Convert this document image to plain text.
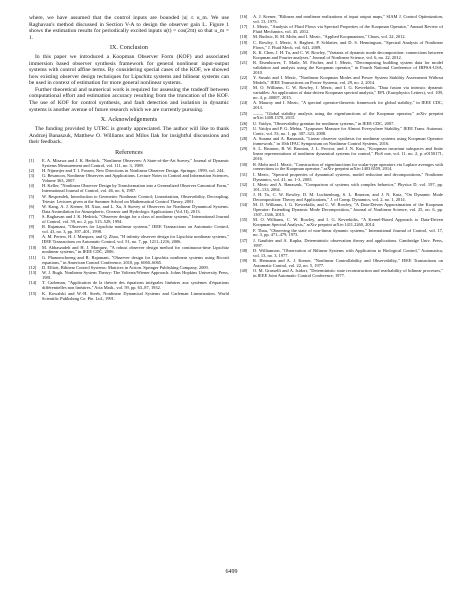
where, we have assumed that the control inputs are bounded |u| ≤ u_m. We use Raghavan's method discussed in Section V-A to design the observer gain L. Figure 1 shows the estimation results for periodically excited inputs u(t) = cos(2πt) so that u_m = 1.

IX. Conclusion

In this paper we introduced a Koopman Observer Form (KOF) and associated immersion based observer synthesis framework for general nonlinear input-output systems with control affine terms. By considering special cases of the KOF, we showed how existing observer design techniques for Lipschitz systems and bilinear systems can be used in context of estimation for more general nonlinear systems.

Further theoretical and numerical work is required for assessing the tradeoff between computational effort and estimation accuracy resulting from the truncation of the KOF. The use of KOF for control synthesis, and fault detection and isolation in dynamic systems is another avenue of future research which we are currently pursuing.

X. Acknowledgements

The funding provided by UTRC is greatly appreciated. The author will like to thank Andrzej Banaszuk, Matthew O. Williams and Milos Ilak for insightful discussions and their feedback.

References
[1]	E. A. Misawa and J. K. Hedrick, "Nonlinear Observers: A State-of-the-Art Survey," Journal of Dynamic Systems Measurement and Control, vol. 111, no. 3, 1989.
[2]	H. Nijmeijer and T. I. Fossen, New Directions in Nonlinear Observer Design. Springer, 1999, vol. 244.
[3]	G. Besancon, Nonlinear Observers and Applications. Lecture Notes in Control and Information Sciences, Volume 363, 2007.
[4]	H. Keller, "Nonlinear Observer Design by Transformation into a Generalized Observer Canonical Form," International Journal of Control, vol. 46, no. 6, 1987.
[5]	W. Respondek, Introduction to Geometric Nonlinear Control; Linearization, Observability, Decoupling. Trieste: Lectures given at the Summer School on Mathematical Control Theory, 2001.
[6]	W. Kang, A. J. Krener, M. Xiao, and L. Xu, A Survey of Observers for Nonlinear Dynamical Systems. Data Assimilation for Atmospheric, Oceanic and Hydrologic Applications (Vol. II), 2013.
[7]	S. Raghavan and J. K. Hedrick, "Observer design for a class of nonlinear systems," International Journal of Control, vol. 59, no. 2, pp. 515–528, 1994.
[8]	R. Rajamani, "Observers for Lipschitz nonlinear systems," IEEE Transactions on Automatic Control, vol. 43, no. 3, pp. 397–401, 1998.
[9]	A. M. Pertew, H. J. Marquez, and Q. Zhao, "H infinity observer design for Lipschitz nonlinear systems," IEEE Transactions on Automatic Control, vol. 51, no. 7, pp. 1211–1216, 2006.
[10]	M. Abbaszadeh and H. J. Marquez, "A robust observer design method for continuous-time Lipschitz nonlinear systems," in IEEE CDC, 2006.
[11]	G. Phanomchoeng and R. Rajamani, "Observer design for Lipschitz nonlinear systems using Riccati equations," in American Control Conference, 2010, pp. 6060–6065.
[12]	D. Elliott, Bilinear Control Systems: Matrices in Action. Springer Publishing Company, 2009.
[13]	W. J. Rugh, Nonlinear System Theory: The Volterra/Wiener Approach. Johns Hopkins University Press, 1981.
[14]	T. Carleman, "Application de la théorie des équations intégrales linéaires aux systèmes d'équations différentielles non linéaires," Acta Math., vol. 59, pp. 63–87, 1932.
[15]	K. Kowalski and W.-H. Steeb, Nonlinear Dynamical Systems and Carleman Linearization. World Scientific Publishing Co. Pte. Ltd., 1991.
[16]	A. J. Krener, "Bilinear and nonlinear realizations of input output maps," SIAM J. Control Optimization, vol. 13, 1975.
[17]	I. Mezic, "Analysis of Fluid Flows via Spectral Properties of the Koopman Operator," Annual Review of Fluid Mechanics, vol. 45, 2012.
[18]	M. Budisic, R. M. Mohr, and I. Mezic, "Applied Koopmanism," Chaos, vol. 22, 2012.
[19]	C. Rowley, I. Mezic, S. Bagheri, P. Schlatter, and D. S. Henningson, "Spectral Analysis of Nonlinear Flows," J. Fluid Mech, vol. 641, 2009.
[20]	K. K. Chen, J. H. Tu, and C. W. Rowley, "Variants of dynamic mode decomposition: connections between Koopman and Fourier analyses," Journal of Nonlinear Science, vol. 6, no. 22, 2012.
[21]	B. Eisenhower, T. Maile, M. Fischer, and I. Mezic, "Decomposing building system data for model validation and analysis using the Koopman operator," in Fourth National Conference of IBPSA-USA, 2010.
[22]	Y. Susuki and I. Mezic, "Nonlinear Koopman Modes and Power System Stability Assessment Without Models," IEEE Transactions on Power Systems, vol. 29, no. 2, 2014.
[23]	M. O. Williams, C. W. Rowley, I. Mezic, and I. G. Kevrekidis, "Data fusion via intrinsic dynamic variables: An application of data-driven Koopman spectral analysis," EPL (Europhysics Letters), vol. 109, no. 4, p. 40007, 2015.
[24]	A. Mauroy and I. Mezic, "A spectral operator-theoretic framework for global stability," in IEEE CDC, 2013.
[25]	——, "Global stability analysis using the eigenfunctions of the Koopman operator," arXiv preprint arXiv:1408.1379, 2015.
[26]	U. Vaidya, "Observability gramian for nonlinear systems," in IEEE CDC, 2007.
[27]	U. Vaidya and P. G. Mehta, "Lyapunov Measure for Almost Everywhere Stability," IEEE Trans. Automat. Contr., vol. 53, no. 1, pp. 307–323, 2008.
[28]	A. Surana and A. Banaszuk, "Linear observer synthesis for nonlinear systems using Koopman Operator framework," in 10th IFAC Symposium on Nonlinear Control Systems, 2016.
[29]	S. L. Brunton, B. W. Brunton, J. L. Proctor, and J. N. Kutz, "Koopman invariant subspaces and finite linear representations of nonlinear dynamical systems for control," PloS one, vol. 11, no. 2, p. e0150171, 2016.
[30]	R. Mohr and I. Mezic, "Construction of eigenfunctions for scalar-type operators via Laplace averages with connections to the Koopman operator," arXiv preprint arXiv:1403.6559, 2014.
[31]	I. Mezic, "Spectral properties of dynamical systems, model reduction and decompositions," Nonlinear Dynamics, vol. 41, no. 1-3, 2005.
[32]	I. Mezic and A. Banaszuk, "Comparison of systems with complex behavior," Physica D, vol. 197, pp. 101–133, 2004.
[33]	J. H. Tu, C. W. Rowley, D. M. Luchtenburg, S. L. Brunton, and J. N. Kutz, "On Dynamic Mode Decomposition: Theory and Applications," J. of Comp. Dynamics, vol. 2, no. 1, 2014.
[34]	M. O. Williams, I. G. Kevrekidis, and C. W. Rowley, "A Data-Driven Approximation of the Koopman Operator: Extending Dynamic Mode Decomposition," Journal of Nonlinear Science, vol. 25, no. 6, pp. 1307–1346, 2015.
[35]	M. O. Williams, C. W. Rowley, and I. G. Kevrekidis, "A Kernel-Based Approach to Data-Driven Koopman Spectral Analysis," arXiv preprint arXiv:1411.2260, 2014.
[36]	F. Thau, "Observing the state of non-linear dynamic systems," International Journal of Control, vol. 17, no. 3, pp. 471–479, 1973.
[37]	J. Gauthier and A. Kupka, Deterministic observation theory and applications. Cambridge Univ. Press, 1997.
[38]	D. Williamson, "Observation of Bilinear Systems with Application to Biological Control," Automatica, vol. 13, no. 3, 1977.
[39]	R. Hermann and A. J. Krener, "Nonlinear Controllability and Observability," IEEE Transactions on Automatic Control, vol. 22, no. 5, 1977.
[40]	O. M. Grasselli and A. Isidori, "Deterministic state reconstruction and reachability of bilinear processes," in IEEE Joint Automatic Control Conference, 1977.
6499
